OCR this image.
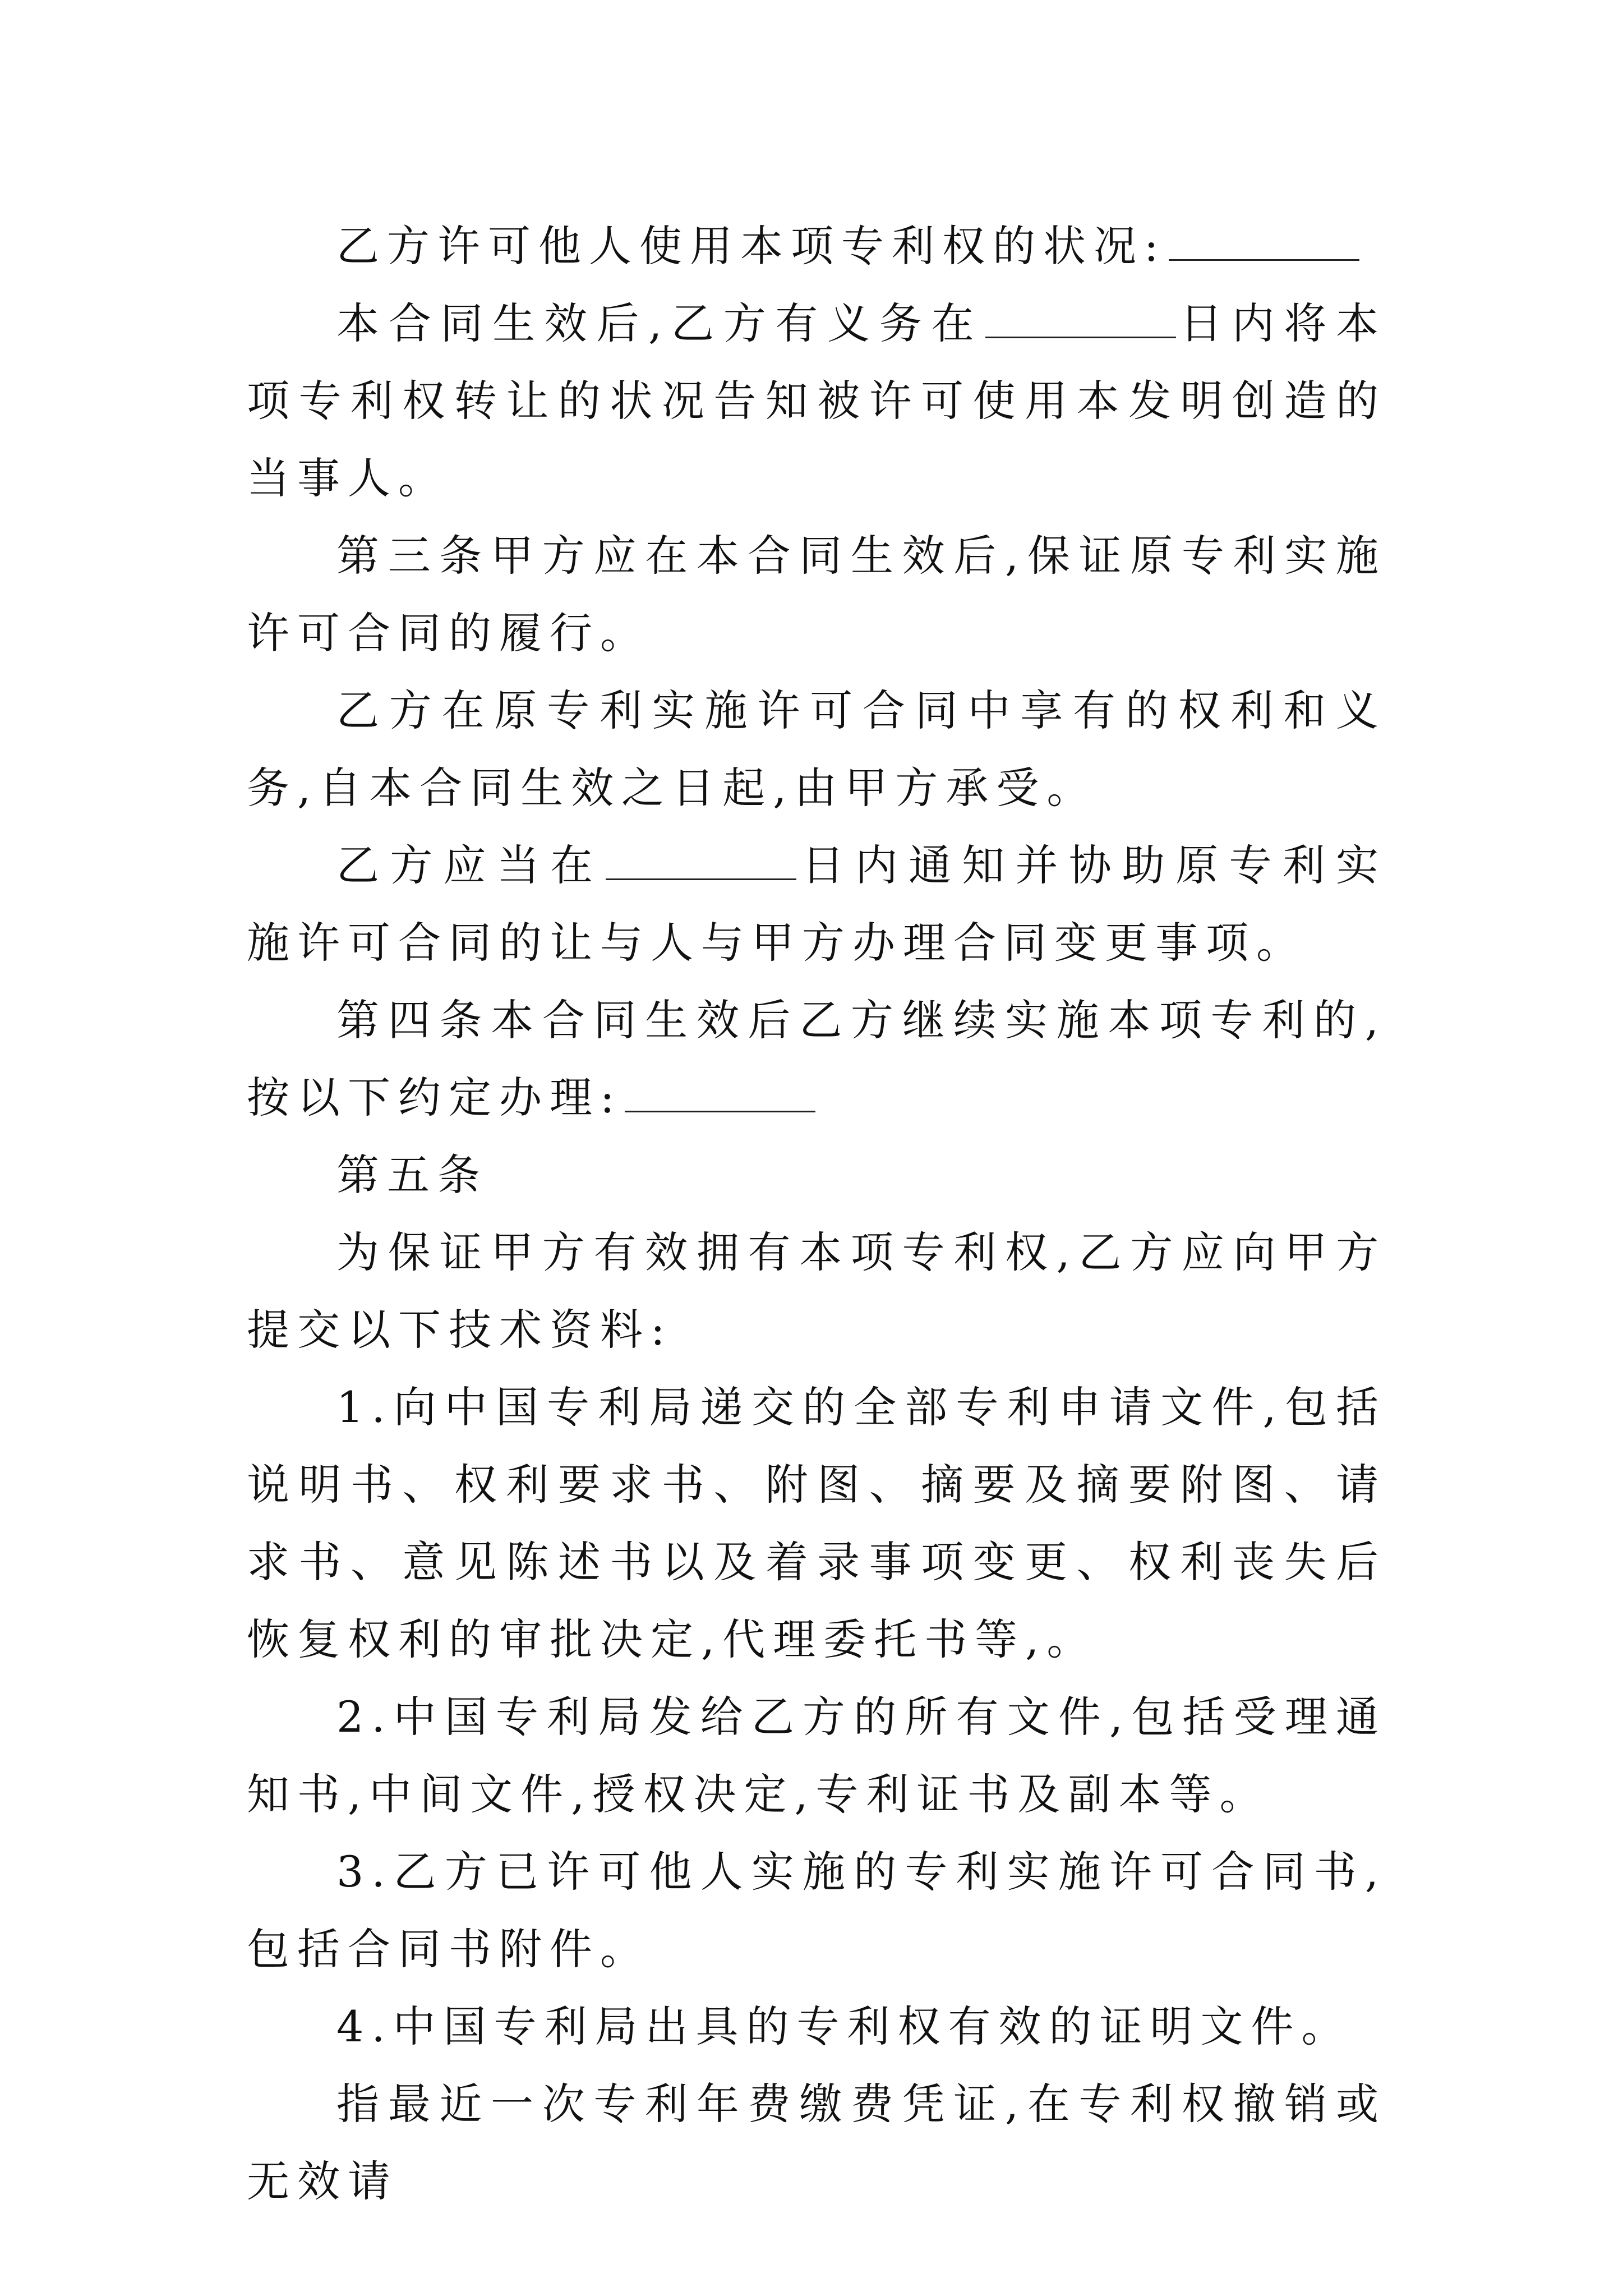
乙方许可他人使用本项专利权的状况:

本合同生效后,乙方有义务在	日内将本项专利权转让的状况告知被许可使用本发明创造的当事人。

第三条甲方应在本合同生效后,保证原专利实施许可合同的履行。

乙方在原专利实施许可合同中享有的权利和义务,自本合同生效之日起,由甲方承受。

乙方应当在	日内通知并协助原专利实施许可合同的让与人与甲方办理合同变更事项。

第四条本合同生效后乙方继续实施本项专利的,按以下约定办理:

第五条

为保证甲方有效拥有本项专利权,乙方应向甲方提交以下技术资料:

1.向中国专利局递交的全部专利申请文件,包括说明书、权利要求书、附图、摘要及摘要附图、请求书、意见陈述书以及着录事项变更、权利丧失后恢复权利的审批决定,代理委托书等,。

2.中国专利局发给乙方的所有文件,包括受理通知书,中间文件,授权决定,专利证书及副本等。

3.乙方已许可他人实施的专利实施许可合同书,包括合同书附件。

4.中国专利局出具的专利权有效的证明文件。

指最近一次专利年费缴费凭证,在专利权撤销或无效请
